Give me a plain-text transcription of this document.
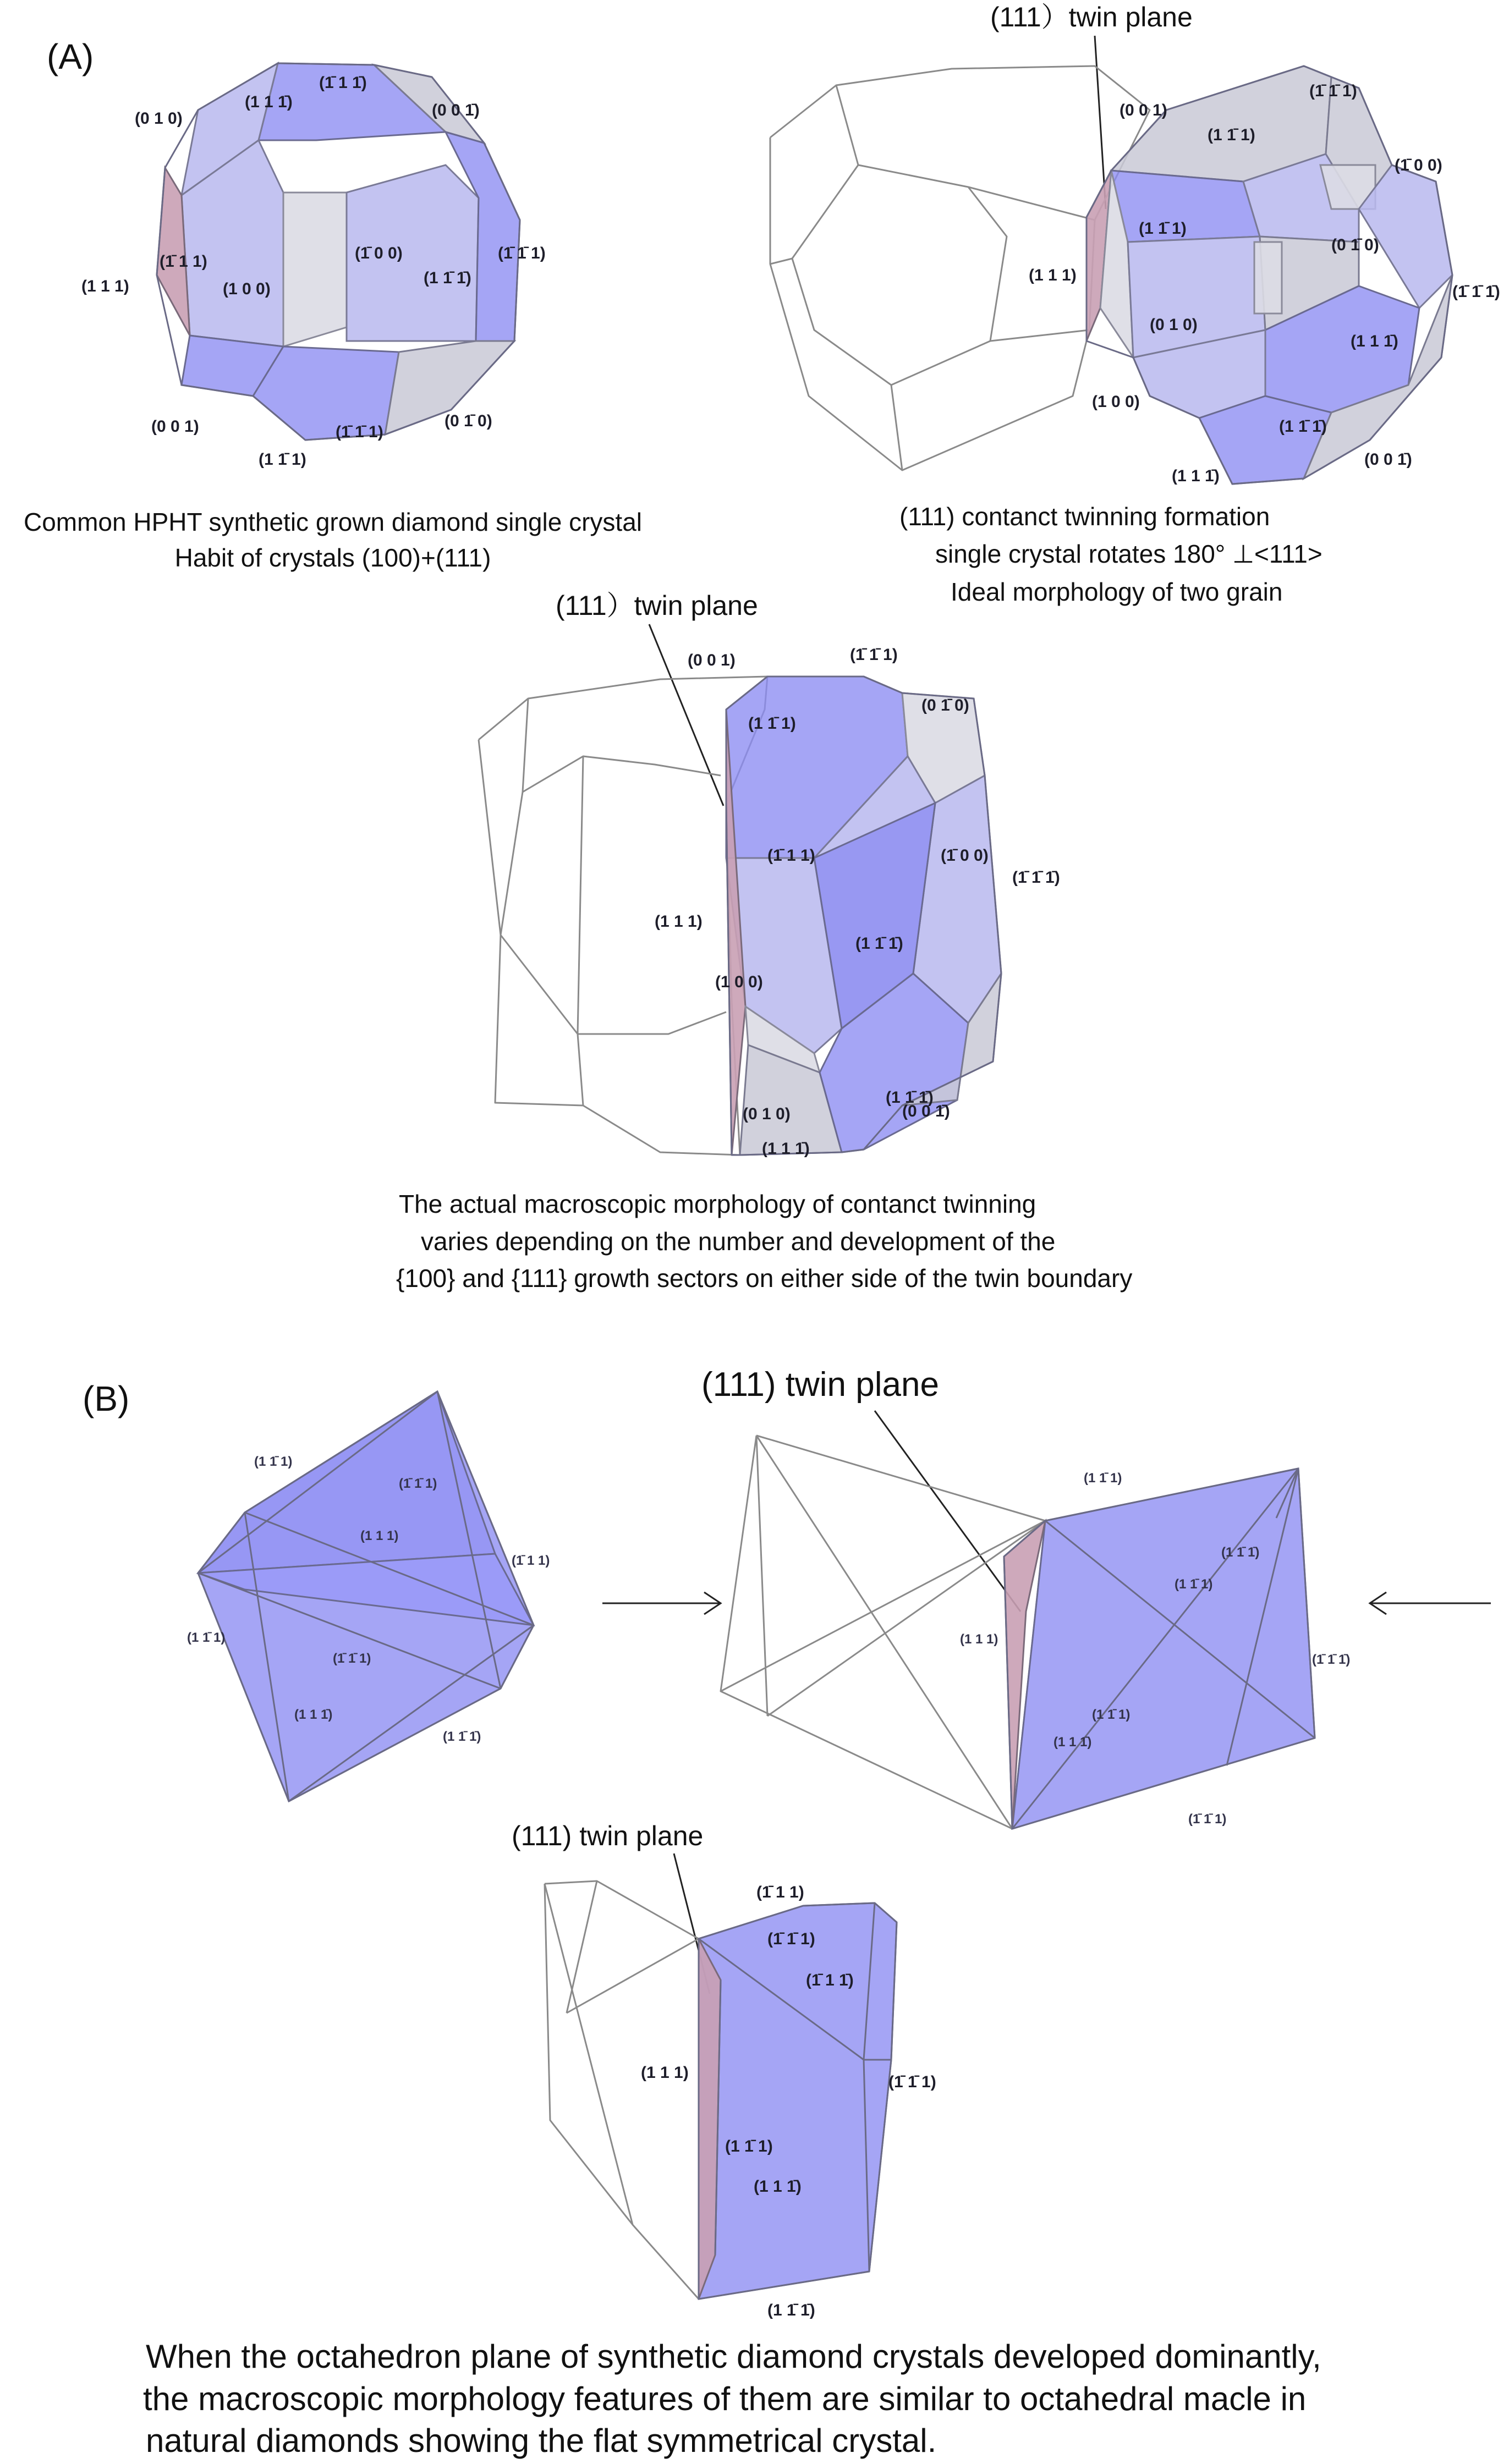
(A)
(0 1 0)
(1 1 1̄)
(1̄ 1 1̄)
(0 0 1̄)
(1̄ 1 1)
(1 0 0)
(1̄ 0 0)
(1 1̄ 1̄)
(1̄ 1̄ 1)
(1 1 1)
(0 0 1)	(1̄ 1̄ 1)
(0 1̄ 0)
(1 1̄ 1)
Common HPHT synthetic grown diamond single crystal
Habit of crystals (100)+(111)
(111）twin plane
(0 0 1)
(1̄ 1̄ 1)
(1 1̄ 1)
(1̄ 0 0)
(1 1̄ 1)
(0 1̄ 0)
(1̄ 1̄ 1̄)
(1 1 1)
(0 1 0)
(1 1 1̄)
(1 0 0)
(1 1̄ 1̄)
(0 0 1̄)
(1 1 1̄)
(111) contanct twinning formation
single crystal rotates 180° ⊥<111>
Ideal morphology of two grain
(111）twin plane
(0 0 1)	(1̄ 1̄ 1)
(1 1̄ 1)
(0 1̄ 0)
(1̄ 1 1)	(1̄ 0 0)
(1̄ 1̄ 1̄)
(1 1 1)
(1 1̄ 1̄)
(1 0 0)
(1 1̄ 1̄)
(0 0 1̄)
(0 1 0)
(1 1 1̄)
The actual macroscopic morphology of contanct twinning
varies depending on the number and development of the
{100} and {111} growth sectors on either side of the twin boundary
(B)
(1 1̄ 1)
(1̄ 1̄ 1)
(1 1 1)
(1̄ 1 1)
(1 1̄ 1)
(1̄ 1̄ 1)
(1 1 1̄)
(1 1̄ 1̄)
(111) twin plane
(1 1̄ 1)
(1 1̄ 1̄)
(1 1̄ 1)
(1 1 1)
(1̄ 1̄ 1̄)
(1 1̄ 1)
(1 1 1̄)
(1̄ 1̄ 1)
(111) twin plane
(1̄ 1 1)
(1̄ 1̄ 1)
(1̄ 1 1̄)
(1 1 1)
(1̄ 1̄ 1)
(1 1̄ 1)
(1 1 1̄)
(1 1̄ 1̄)
When the octahedron plane of synthetic diamond crystals developed dominantly,
the macroscopic morphology features of them are similar to octahedral macle in
natural diamonds showing the flat symmetrical crystal.
